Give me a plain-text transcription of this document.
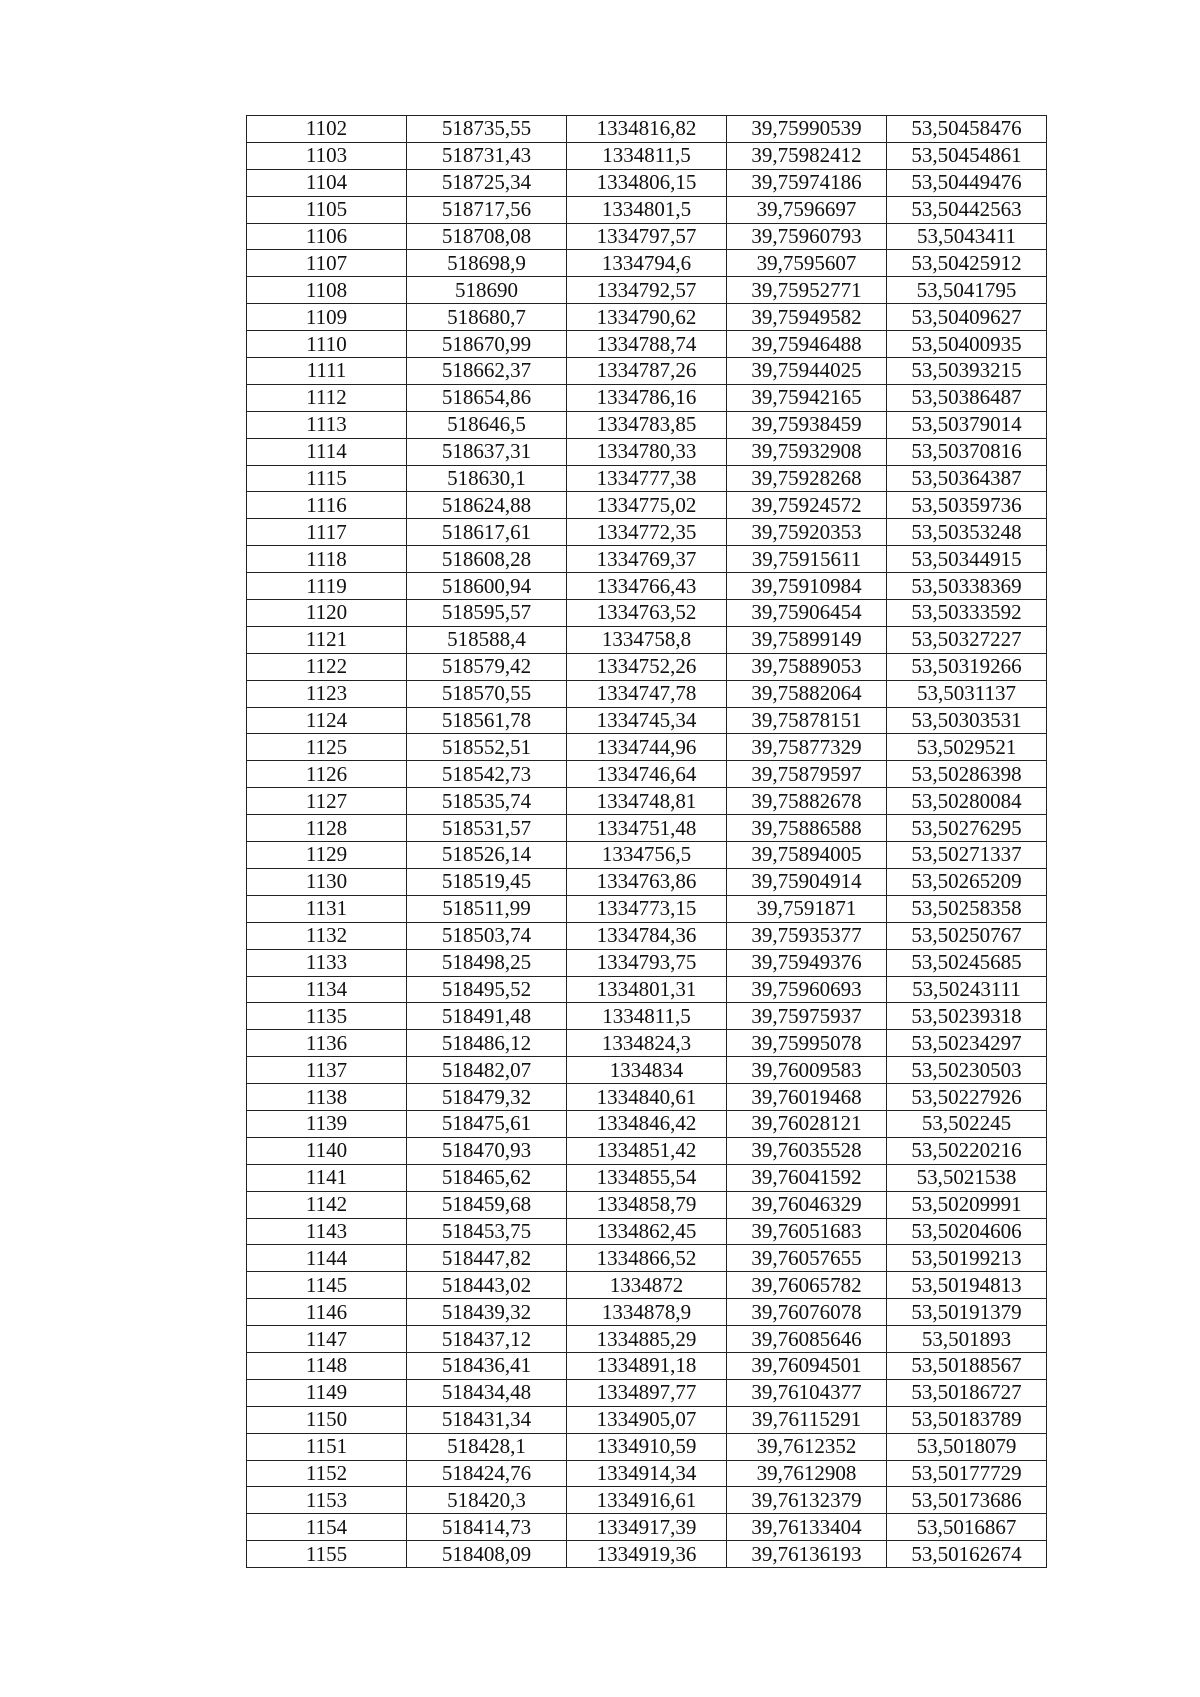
1102	518735,55	1334816,82	39,75990539	53,50458476
1103	518731,43	1334811,5	39,75982412	53,50454861
1104	518725,34	1334806,15	39,75974186	53,50449476
1105	518717,56	1334801,5	39,7596697	53,50442563
1106	518708,08	1334797,57	39,75960793	53,5043411
1107	518698,9	1334794,6	39,7595607	53,50425912
1108	518690	1334792,57	39,75952771	53,5041795
1109	518680,7	1334790,62	39,75949582	53,50409627
1110	518670,99	1334788,74	39,75946488	53,50400935
1111	518662,37	1334787,26	39,75944025	53,50393215
1112	518654,86	1334786,16	39,75942165	53,50386487
1113	518646,5	1334783,85	39,75938459	53,50379014
1114	518637,31	1334780,33	39,75932908	53,50370816
1115	518630,1	1334777,38	39,75928268	53,50364387
1116	518624,88	1334775,02	39,75924572	53,50359736
1117	518617,61	1334772,35	39,75920353	53,50353248
1118	518608,28	1334769,37	39,75915611	53,50344915
1119	518600,94	1334766,43	39,75910984	53,50338369
1120	518595,57	1334763,52	39,75906454	53,50333592
1121	518588,4	1334758,8	39,75899149	53,50327227
1122	518579,42	1334752,26	39,75889053	53,50319266
1123	518570,55	1334747,78	39,75882064	53,5031137
1124	518561,78	1334745,34	39,75878151	53,50303531
1125	518552,51	1334744,96	39,75877329	53,5029521
1126	518542,73	1334746,64	39,75879597	53,50286398
1127	518535,74	1334748,81	39,75882678	53,50280084
1128	518531,57	1334751,48	39,75886588	53,50276295
1129	518526,14	1334756,5	39,75894005	53,50271337
1130	518519,45	1334763,86	39,75904914	53,50265209
1131	518511,99	1334773,15	39,7591871	53,50258358
1132	518503,74	1334784,36	39,75935377	53,50250767
1133	518498,25	1334793,75	39,75949376	53,50245685
1134	518495,52	1334801,31	39,75960693	53,50243111
1135	518491,48	1334811,5	39,75975937	53,50239318
1136	518486,12	1334824,3	39,75995078	53,50234297
1137	518482,07	1334834	39,76009583	53,50230503
1138	518479,32	1334840,61	39,76019468	53,50227926
1139	518475,61	1334846,42	39,76028121	53,502245
1140	518470,93	1334851,42	39,76035528	53,50220216
1141	518465,62	1334855,54	39,76041592	53,5021538
1142	518459,68	1334858,79	39,76046329	53,50209991
1143	518453,75	1334862,45	39,76051683	53,50204606
1144	518447,82	1334866,52	39,76057655	53,50199213
1145	518443,02	1334872	39,76065782	53,50194813
1146	518439,32	1334878,9	39,76076078	53,50191379
1147	518437,12	1334885,29	39,76085646	53,501893
1148	518436,41	1334891,18	39,76094501	53,50188567
1149	518434,48	1334897,77	39,76104377	53,50186727
1150	518431,34	1334905,07	39,76115291	53,50183789
1151	518428,1	1334910,59	39,7612352	53,5018079
1152	518424,76	1334914,34	39,7612908	53,50177729
1153	518420,3	1334916,61	39,76132379	53,50173686
1154	518414,73	1334917,39	39,76133404	53,5016867
1155	518408,09	1334919,36	39,76136193	53,50162674
